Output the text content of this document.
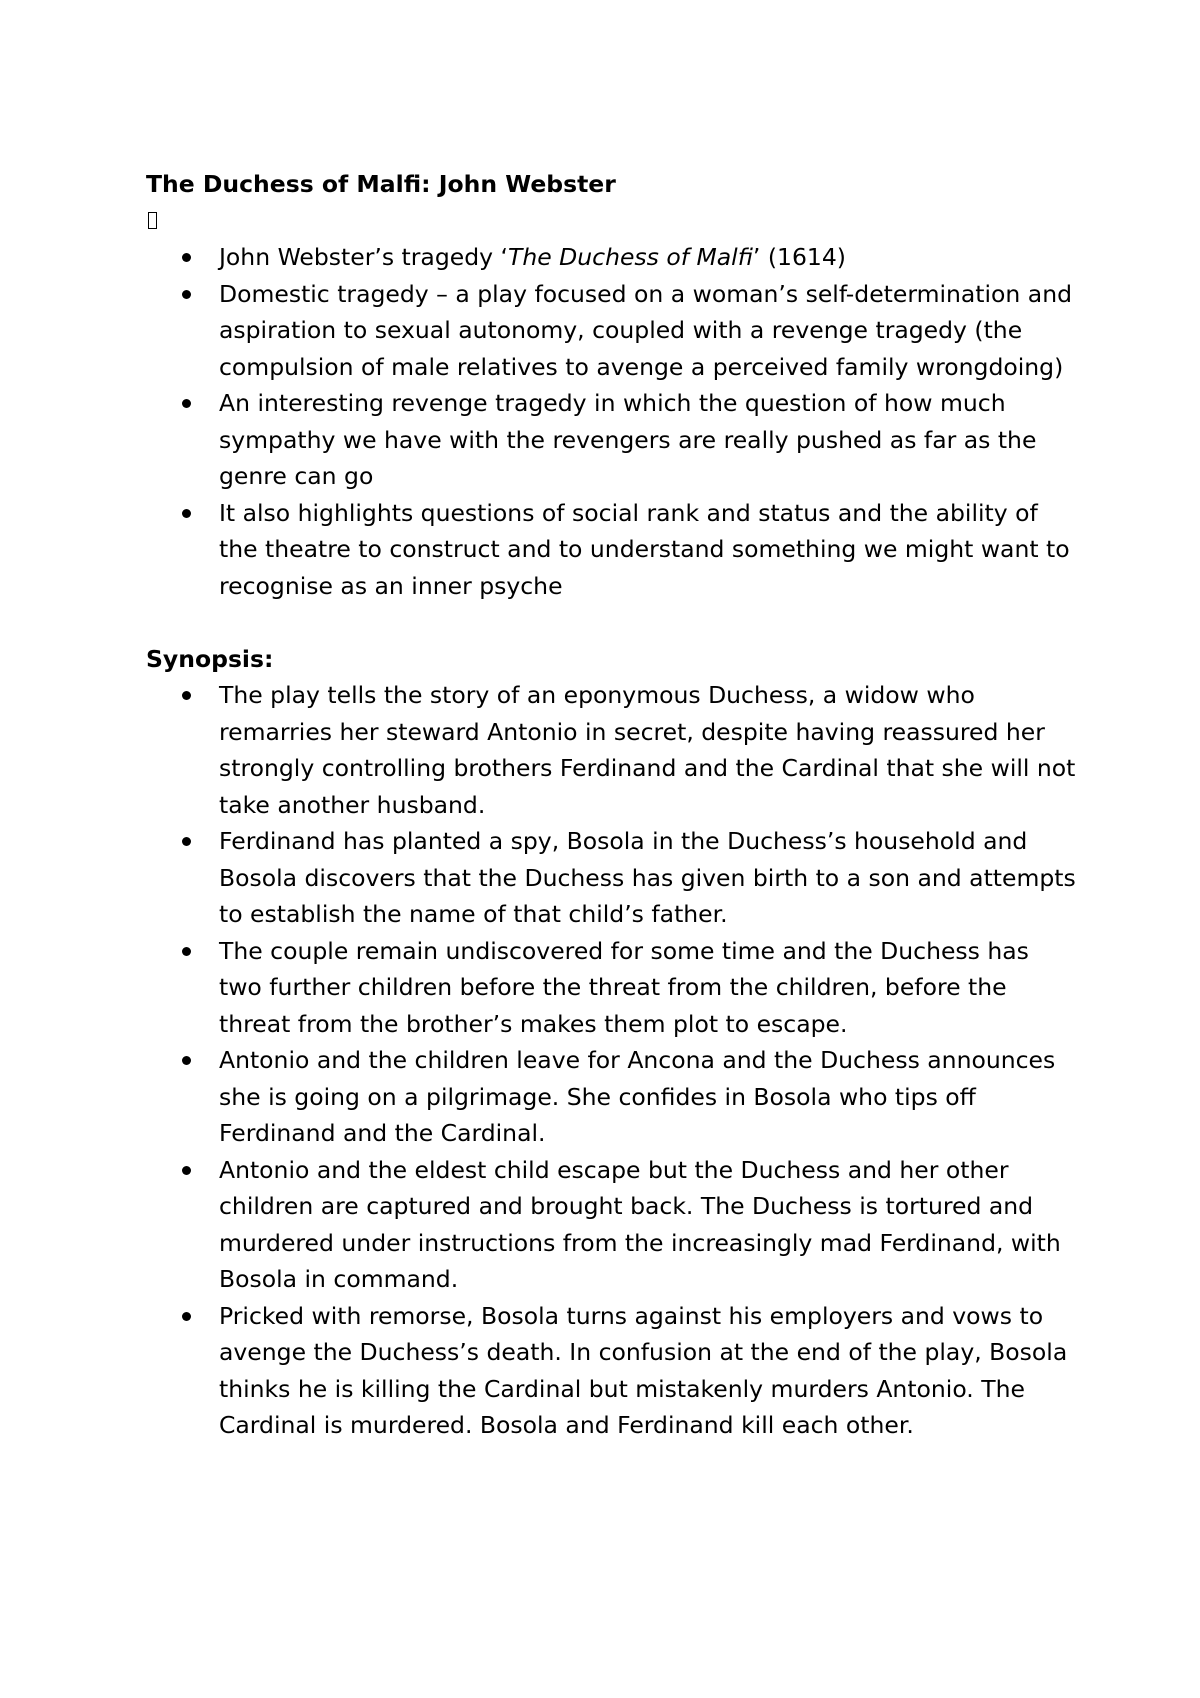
The Duchess of Malfi: John Webster
John Webster’s tragedy ‘The Duchess of Malfi’ (1614)
Domestic tragedy – a play focused on a woman’s self-determination and aspiration to sexual autonomy, coupled with a revenge tragedy (the compulsion of male relatives to avenge a perceived family wrongdoing)
An interesting revenge tragedy in which the question of how much sympathy we have with the revengers are really pushed as far as the genre can go
It also highlights questions of social rank and status and the ability of the theatre to construct and to understand something we might want to recognise as an inner psyche
Synopsis:
The play tells the story of an eponymous Duchess, a widow who remarries her steward Antonio in secret, despite having reassured her strongly controlling brothers Ferdinand and the Cardinal that she will not take another husband.
Ferdinand has planted a spy, Bosola in the Duchess’s household and Bosola discovers that the Duchess has given birth to a son and attempts to establish the name of that child’s father.
The couple remain undiscovered for some time and the Duchess has two further children before the threat from the children, before the threat from the brother’s makes them plot to escape.
Antonio and the children leave for Ancona and the Duchess announces she is going on a pilgrimage. She confides in Bosola who tips off Ferdinand and the Cardinal.
Antonio and the eldest child escape but the Duchess and her other children are captured and brought back. The Duchess is tortured and murdered under instructions from the increasingly mad Ferdinand, with Bosola in command.
Pricked with remorse, Bosola turns against his employers and vows to avenge the Duchess’s death. In confusion at the end of the play, Bosola thinks he is killing the Cardinal but mistakenly murders Antonio. The Cardinal is murdered. Bosola and Ferdinand kill each other.
